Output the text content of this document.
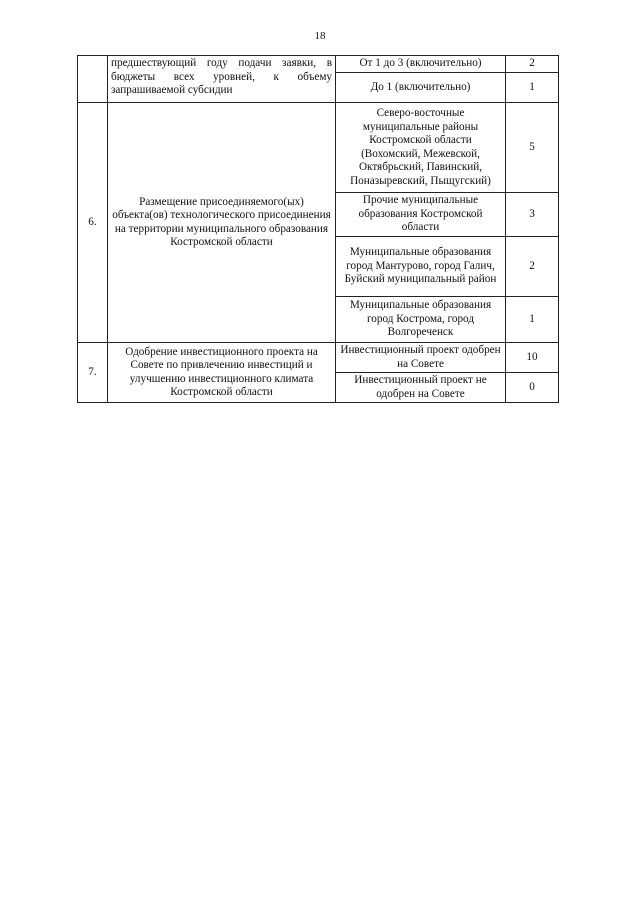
18
	предшествующий году подачи заявки, в бюджеты всех уровней, к объему запрашиваемой субсидии	От 1 до 3 (включительно)	2
		До 1 (включительно)	1
6.	Размещение присоединяемого(ых) объекта(ов) технологического присоединения на территории муниципального образования Костромской области	Северо-восточные муниципальные районы Костромской области (Вохомский, Межевской, Октябрьский, Павинский, Поназыревский, Пыщугский)	5
		Прочие муниципальные образования Костромской области	3
		Муниципальные образования город Мантурово, город Галич, Буйский муниципальный район	2
		Муниципальные образования город Кострома, город Волгореченск	1
7.	Одобрение инвестиционного проекта на Совете по привлечению инвестиций и улучшению инвестиционного климата Костромской области	Инвестиционный проект одобрен на Совете	10
		Инвестиционный проект не одобрен на Совете	0
